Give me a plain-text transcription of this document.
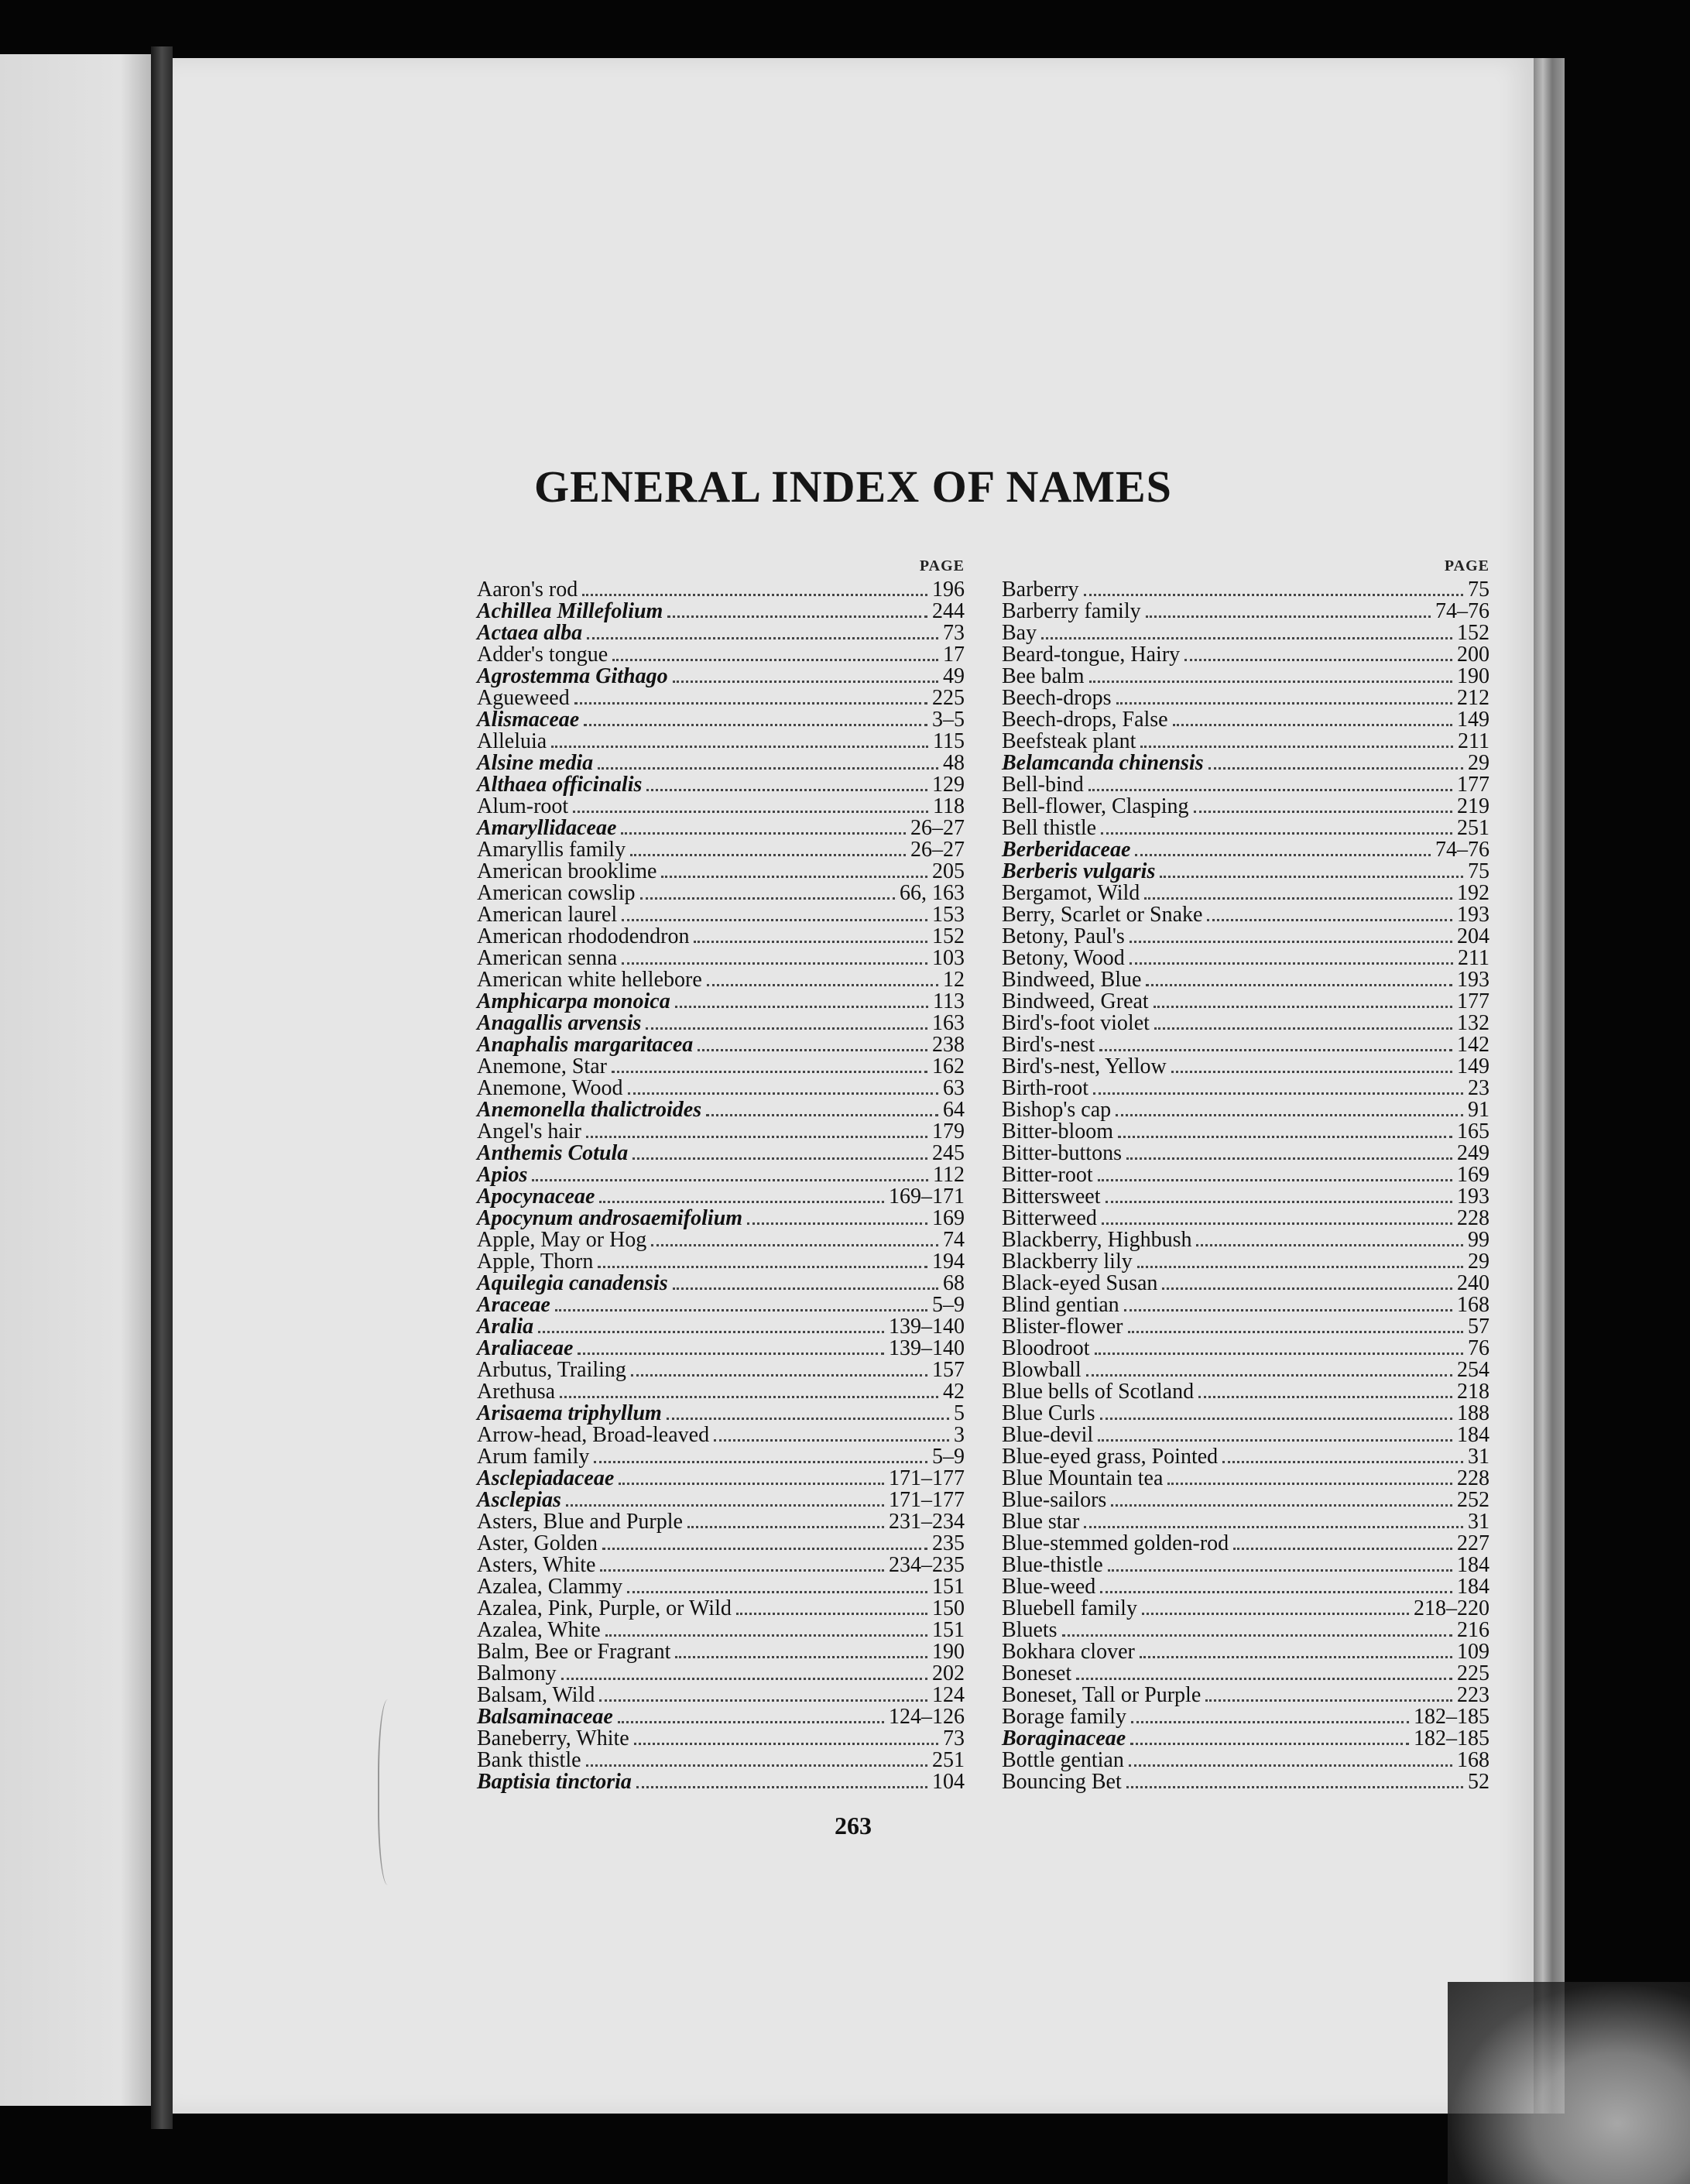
GENERAL INDEX OF NAMES
PAGE
Aaron's rod	196
Achillea Millefolium	244
Actaea alba	73
Adder's tongue	17
Agrostemma Githago	49
Agueweed	225
Alismaceae	3–5
Alleluia	115
Alsine media	48
Althaea officinalis	129
Alum-root	118
Amaryllidaceae	26–27
Amaryllis family	26–27
American brooklime	205
American cowslip	66, 163
American laurel	153
American rhododendron	152
American senna	103
American white hellebore	12
Amphicarpa monoica	113
Anagallis arvensis	163
Anaphalis margaritacea	238
Anemone, Star	162
Anemone, Wood	63
Anemonella thalictroides	64
Angel's hair	179
Anthemis Cotula	245
Apios	112
Apocynaceae	169–171
Apocynum androsaemifolium	169
Apple, May or Hog	74
Apple, Thorn	194
Aquilegia canadensis	68
Araceae	5–9
Aralia	139–140
Araliaceae	139–140
Arbutus, Trailing	157
Arethusa	42
Arisaema triphyllum	5
Arrow-head, Broad-leaved	3
Arum family	5–9
Asclepiadaceae	171–177
Asclepias	171–177
Asters, Blue and Purple	231–234
Aster, Golden	235
Asters, White	234–235
Azalea, Clammy	151
Azalea, Pink, Purple, or Wild	150
Azalea, White	151
Balm, Bee or Fragrant	190
Balmony	202
Balsam, Wild	124
Balsaminaceae	124–126
Baneberry, White	73
Bank thistle	251
Baptisia tinctoria	104
PAGE
Barberry	75
Barberry family	74–76
Bay	152
Beard-tongue, Hairy	200
Bee balm	190
Beech-drops	212
Beech-drops, False	149
Beefsteak plant	211
Belamcanda chinensis	29
Bell-bind	177
Bell-flower, Clasping	219
Bell thistle	251
Berberidaceae	74–76
Berberis vulgaris	75
Bergamot, Wild	192
Berry, Scarlet or Snake	193
Betony, Paul's	204
Betony, Wood	211
Bindweed, Blue	193
Bindweed, Great	177
Bird's-foot violet	132
Bird's-nest	142
Bird's-nest, Yellow	149
Birth-root	23
Bishop's cap	91
Bitter-bloom	165
Bitter-buttons	249
Bitter-root	169
Bittersweet	193
Bitterweed	228
Blackberry, Highbush	99
Blackberry lily	29
Black-eyed Susan	240
Blind gentian	168
Blister-flower	57
Bloodroot	76
Blowball	254
Blue bells of Scotland	218
Blue Curls	188
Blue-devil	184
Blue-eyed grass, Pointed	31
Blue Mountain tea	228
Blue-sailors	252
Blue star	31
Blue-stemmed golden-rod	227
Blue-thistle	184
Blue-weed	184
Bluebell family	218–220
Bluets	216
Bokhara clover	109
Boneset	225
Boneset, Tall or Purple	223
Borage family	182–185
Boraginaceae	182–185
Bottle gentian	168
Bouncing Bet	52
263
